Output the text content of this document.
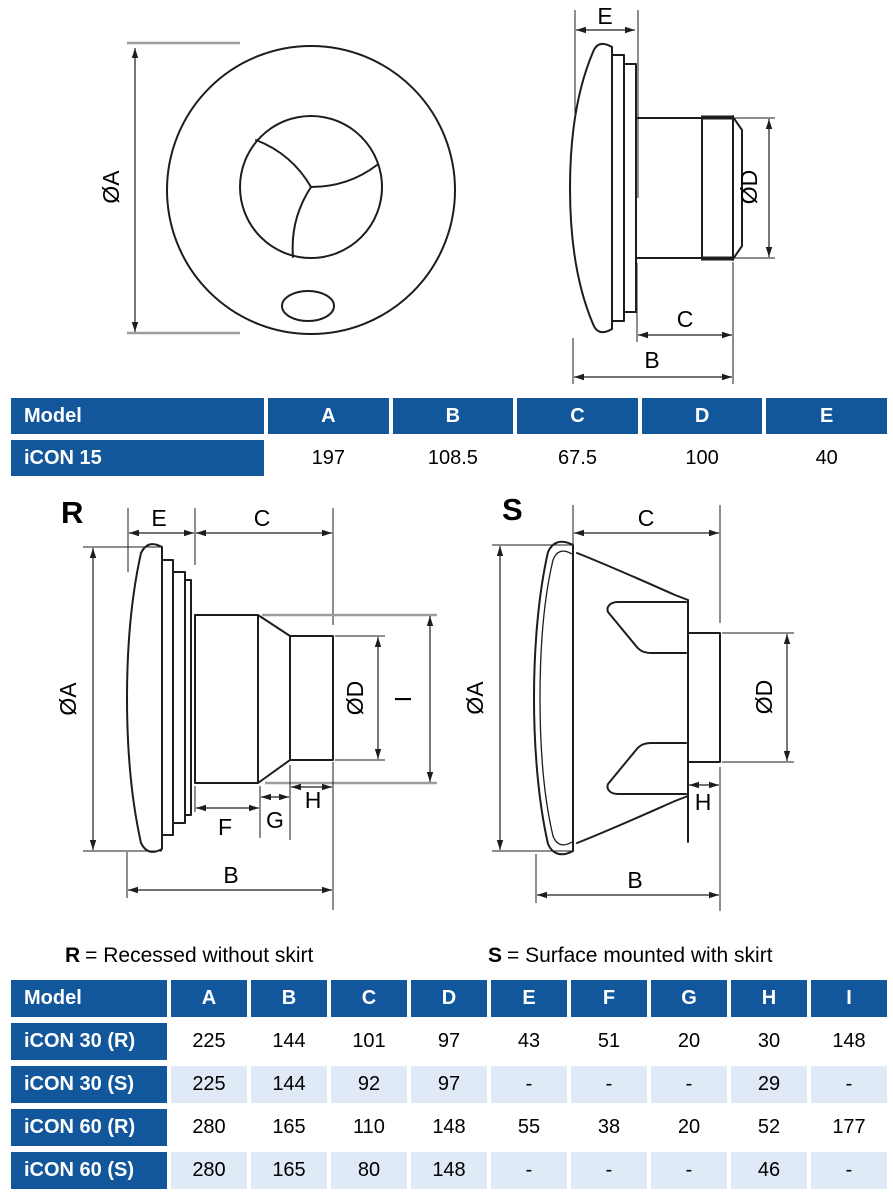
ØA
E
ØD
C
B
R
ØA
E	C
ØD I
F G
H
B
S	C
ØA	ØD
H
B
R = Recessed without skirt	S = Surface mounted with skirt
Model	A	B	C	D	E
iCON 15	197	108.5	67.5	100	40
Model	A	B	C	D	E	F	G	H	I
iCON 30 (R)	225	144	101	97	43	51	20	30	148
iCON 30 (S)	225	144	92	97	-	-	-	29	-
iCON 60 (R)	280	165	110	148	55	38	20	52	177
iCON 60 (S)	280	165	80	148	-	-	-	46	-
